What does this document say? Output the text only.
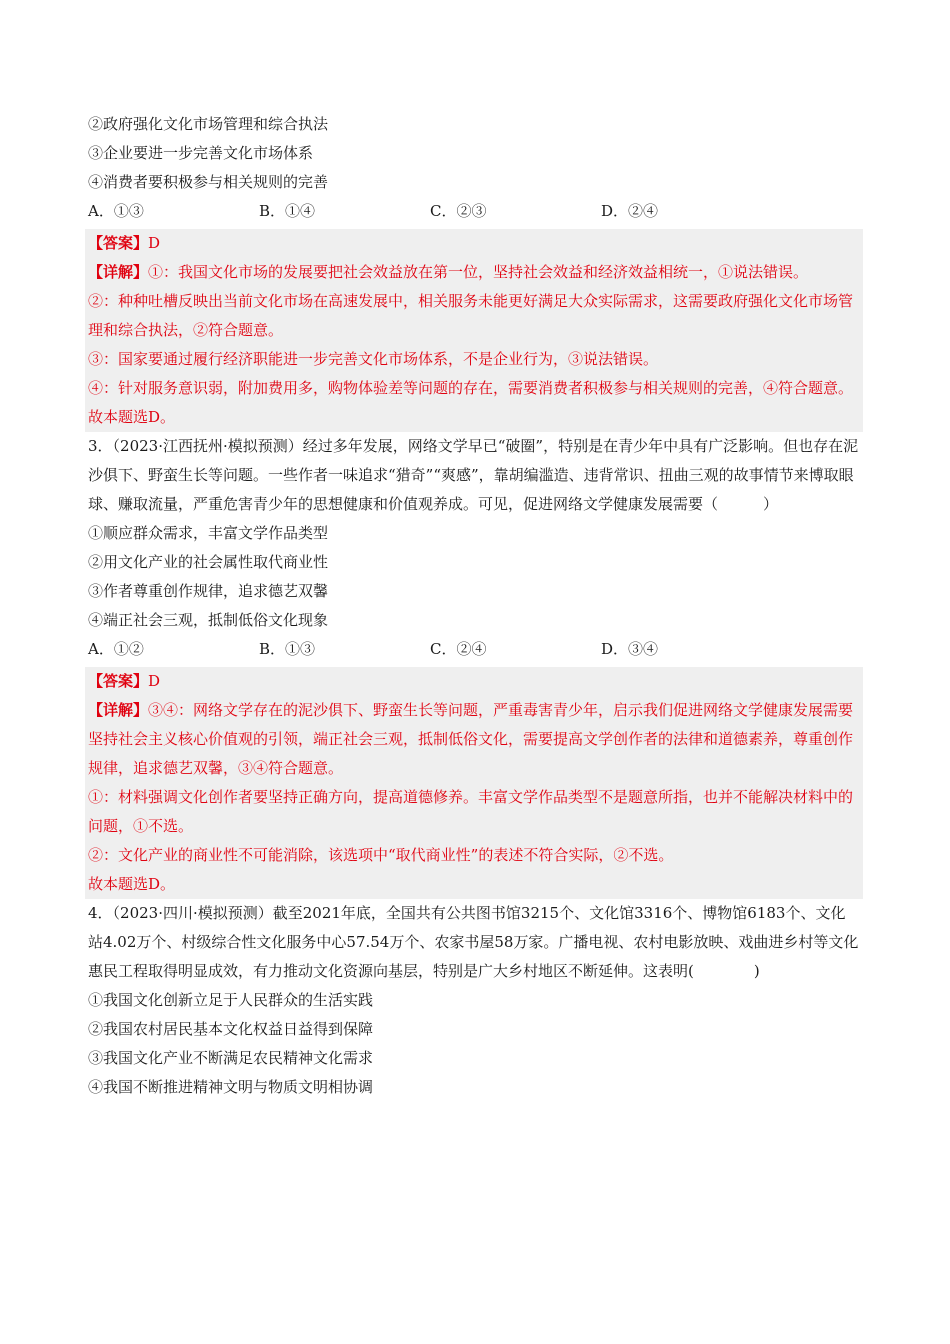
②政府强化文化市场管理和综合执法
③企业要进一步完善文化市场体系
④消费者要积极参与相关规则的完善
A．①③	B．①④	C．②③	D．②④
【答案】D
【详解】①：我国文化市场的发展要把社会效益放在第一位，坚持社会效益和经济效益相统一，①说法错误。
②：种种吐槽反映出当前文化市场在高速发展中，相关服务未能更好满足大众实际需求，这需要政府强化文化市场管理和综合执法，②符合题意。
③：国家要通过履行经济职能进一步完善文化市场体系，不是企业行为，③说法错误。
④：针对服务意识弱，附加费用多，购物体验差等问题的存在，需要消费者积极参与相关规则的完善，④符合题意。
故本题选D。
3．（2023·江西抚州·模拟预测）经过多年发展，网络文学早已“破圈”，特别是在青少年中具有广泛影响。但也存在泥沙俱下、野蛮生长等问题。一些作者一味追求“猎奇”“爽感”，靠胡编滥造、违背常识、扭曲三观的故事情节来博取眼球、赚取流量，严重危害青少年的思想健康和价值观养成。可见，促进网络文学健康发展需要（　　　）
①顺应群众需求，丰富文学作品类型
②用文化产业的社会属性取代商业性
③作者尊重创作规律，追求德艺双馨
④端正社会三观，抵制低俗文化现象
A．①②	B．①③	C．②④	D．③④
【答案】D
【详解】③④：网络文学存在的泥沙俱下、野蛮生长等问题，严重毒害青少年，启示我们促进网络文学健康发展需要坚持社会主义核心价值观的引领，端正社会三观，抵制低俗文化，需要提高文学创作者的法律和道德素养，尊重创作规律，追求德艺双馨，③④符合题意。
①：材料强调文化创作者要坚持正确方向，提高道德修养。丰富文学作品类型不是题意所指，也并不能解决材料中的问题，①不选。
②：文化产业的商业性不可能消除，该选项中“取代商业性”的表述不符合实际，②不选。
故本题选D。
4．（2023·四川·模拟预测）截至2021年底，全国共有公共图书馆3215个、文化馆3316个、博物馆6183个、文化站4.02万个、村级综合性文化服务中心57.54万个、农家书屋58万家。广播电视、农村电影放映、戏曲进乡村等文化惠民工程取得明显成效，有力推动文化资源向基层，特别是广大乡村地区不断延伸。这表明(　　　　)
①我国文化创新立足于人民群众的生活实践
②我国农村居民基本文化权益日益得到保障
③我国文化产业不断满足农民精神文化需求
④我国不断推进精神文明与物质文明相协调
